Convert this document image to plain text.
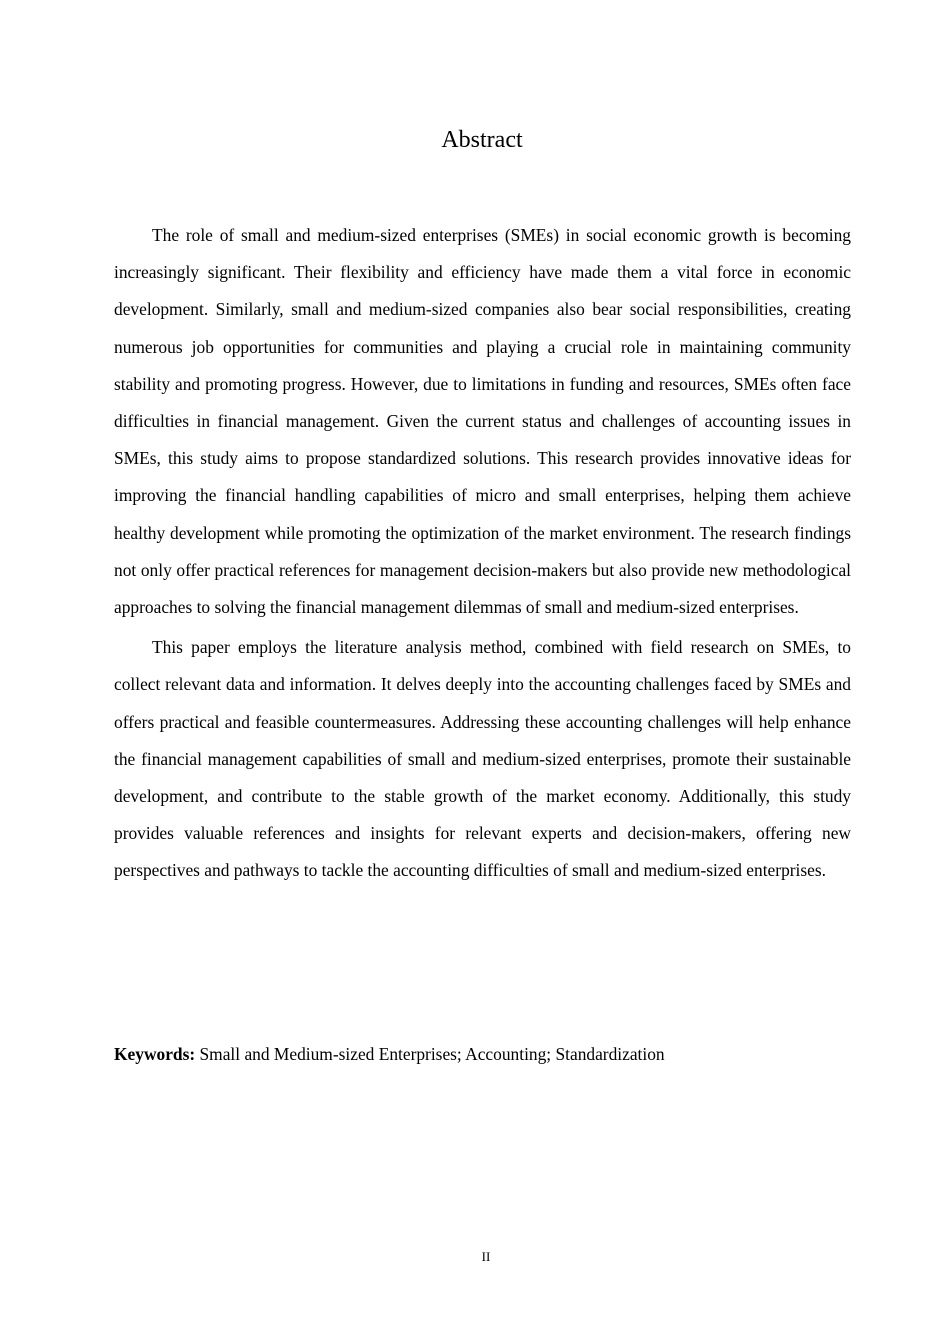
Abstract

The role of small and medium-sized enterprises (SMEs) in social economic growth is becoming increasingly significant. Their flexibility and efficiency have made them a vital force in economic development. Similarly, small and medium-sized companies also bear social responsibilities, creating numerous job opportunities for communities and playing a crucial role in maintaining community stability and promoting progress. However, due to limitations in funding and resources, SMEs often face difficulties in financial management. Given the current status and challenges of accounting issues in SMEs, this study aims to propose standardized solutions. This research provides innovative ideas for improving the financial handling capabilities of micro and small enterprises, helping them achieve healthy development while promoting the optimization of the market environment. The research findings not only offer practical references for management decision-makers but also provide new methodological approaches to solving the financial management dilemmas of small and medium-sized enterprises.

This paper employs the literature analysis method, combined with field research on SMEs, to collect relevant data and information. It delves deeply into the accounting challenges faced by SMEs and offers practical and feasible countermeasures. Addressing these accounting challenges will help enhance the financial management capabilities of small and medium-sized enterprises, promote their sustainable development, and contribute to the stable growth of the market economy. Additionally, this study provides valuable references and insights for relevant experts and decision-makers, offering new perspectives and pathways to tackle the accounting difficulties of small and medium-sized enterprises.

Keywords: Small and Medium-sized Enterprises; Accounting; Standardization
II
